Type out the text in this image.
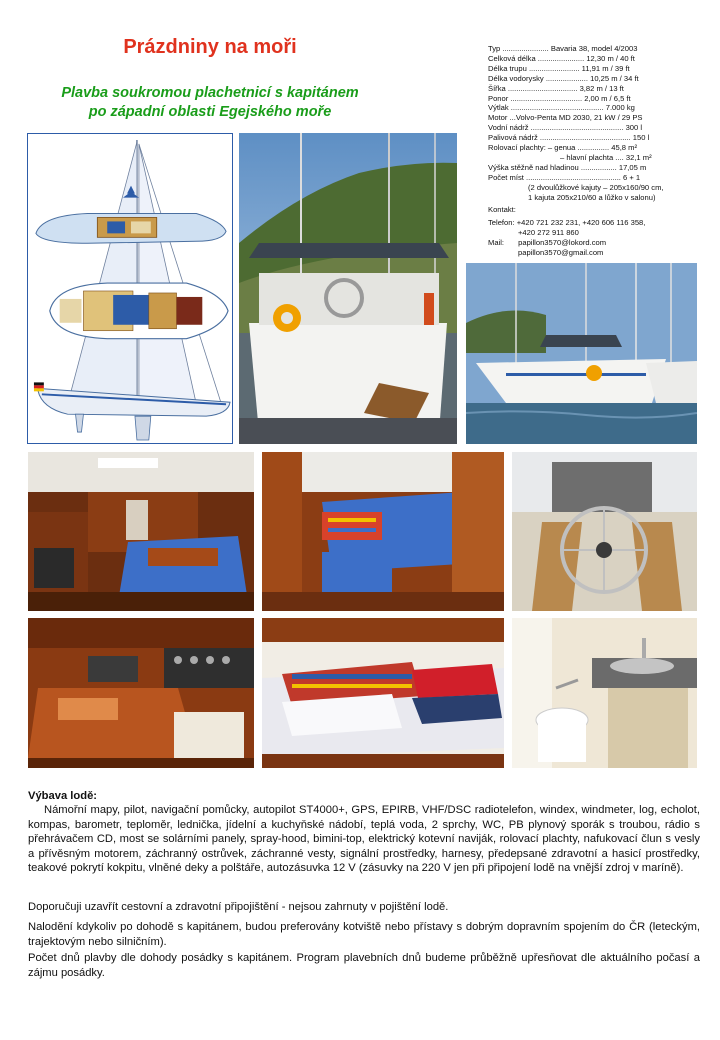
Prázdniny na moři
Plavba soukromou plachetnicí s kapitánem
po západní oblasti Egejského moře
Typ ...................... Bavaria 38, model 4/2003
Celková délka ...................... 12,30 m / 40 ft
Délka trupu ........................ 11,91 m / 39 ft
Délka vodorysky .................... 10,25 m / 34 ft
Šířka ................................. 3,82 m / 13 ft
Ponor .................................. 2,00 m / 6,5 ft
Výtlak ............................................ 7.000 kg
Motor ...Volvo-Penta MD 2030, 21 kW / 29 PS
Vodní nádrž ............................................ 300 l
Palivová nádrž ........................................... 150 l
Rolovací plachty: – genua ............... 45,8 m²
– hlavní plachta .... 32,1 m²
Výška stěžně nad hladinou ................. 17,05 m
Počet míst ............................................. 6 + 1
(2 dvoulůžkové kajuty – 205x160/90 cm,
1 kajuta 205x210/60 a lůžko v salonu)
Kontakt:
Telefon: +420 721 232 231, +420 606 116 358,
+420 272 911 860
Mail: papillon3570@lokord.com
papillon3570@gmail.com
Výbava lodě:

Námořní mapy, pilot, navigační pomůcky, autopilot ST4000+, GPS, EPIRB, VHF/DSC radiotelefon, windex, windmeter, log, echolot, kompas, barometr, teploměr, lednička, jídelní a kuchyňské nádobí, teplá voda, 2 sprchy, WC, PB plynový sporák s troubou, rádio s přehrávačem CD, most se solárními panely, spray-hood, bimini-top, elektrický kotevní naviják, rolovací plachty, nafukovací člun s vesly a přívěsným motorem, záchranný ostrůvek, záchranné vesty, signální prostředky, harnesy, předepsané zdravotní a hasicí prostředky, teakové pokrytí kokpitu, vlněné deky a polštáře, autozásuvka 12 V (zásuvky na 220 V jen při připojení lodě na vnější zdroj v maríně).

Doporučuji uzavřít cestovní a zdravotní připojištění - nejsou zahrnuty v pojištění lodě.

Nalodění kdykoliv po dohodě s kapitánem, budou preferovány kotviště nebo přístavy s dobrým dopravním spojením do ČR (leteckým, trajektovým nebo silničním).

Počet dnů plavby dle dohody posádky s kapitánem. Program plavebních dnů budeme průběžně upřesňovat dle aktuálního počasí a zájmu posádky.
